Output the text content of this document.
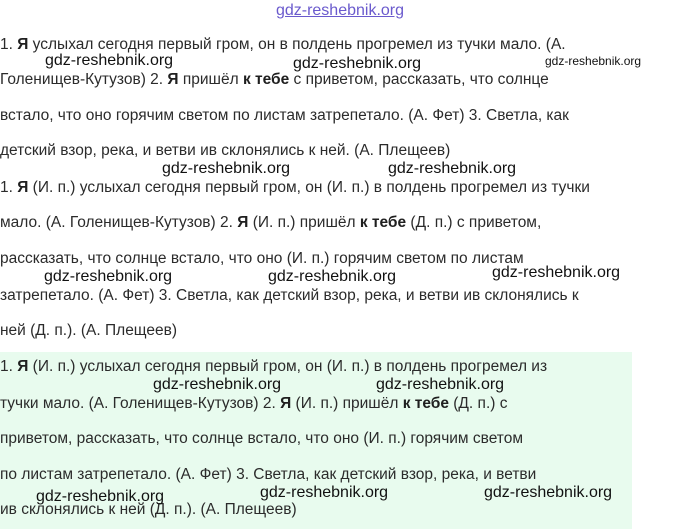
gdz-reshebnik.org
1. Я услыхал сегодня первый гром, он в полдень прогремел из тучки мало. (А.
Голенищев-Кутузов) 2. Я пришёл к тебе с приветом, рассказать, что солнце
встало, что оно горячим светом по листам затрепетало. (А. Фет) 3. Светла, как
детский взор, река, и ветви ив склонялись к ней. (А. Плещеев)
1. Я (И. п.) услыхал сегодня первый гром, он (И. п.) в полдень прогремел из тучки
мало. (А. Голенищев-Кутузов) 2. Я (И. п.) пришёл к тебе (Д. п.) с приветом,
рассказать, что солнце встало, что оно (И. п.) горячим светом по листам
затрепетало. (А. Фет) 3. Светла, как детский взор, река, и ветви ив склонялись к
ней (Д. п.). (А. Плещеев)
1. Я (И. п.) услыхал сегодня первый гром, он (И. п.) в полдень прогремел из
тучки мало. (А. Голенищев-Кутузов) 2. Я (И. п.) пришёл к тебе (Д. п.) с
приветом, рассказать, что солнце встало, что оно (И. п.) горячим светом
по листам затрепетало. (А. Фет) 3. Светла, как детский взор, река, и ветви
ив склонялись к ней (Д. п.). (А. Плещеев)
gdz-reshebnik.org	gdz-reshebnik.org	gdz-reshebnik.org
gdz-reshebnik.org	gdz-reshebnik.org
gdz-reshebnik.org	gdz-reshebnik.org	gdz-reshebnik.org
gdz-reshebnik.org	gdz-reshebnik.org
gdz-reshebnik.org	gdz-reshebnik.org	gdz-reshebnik.org
